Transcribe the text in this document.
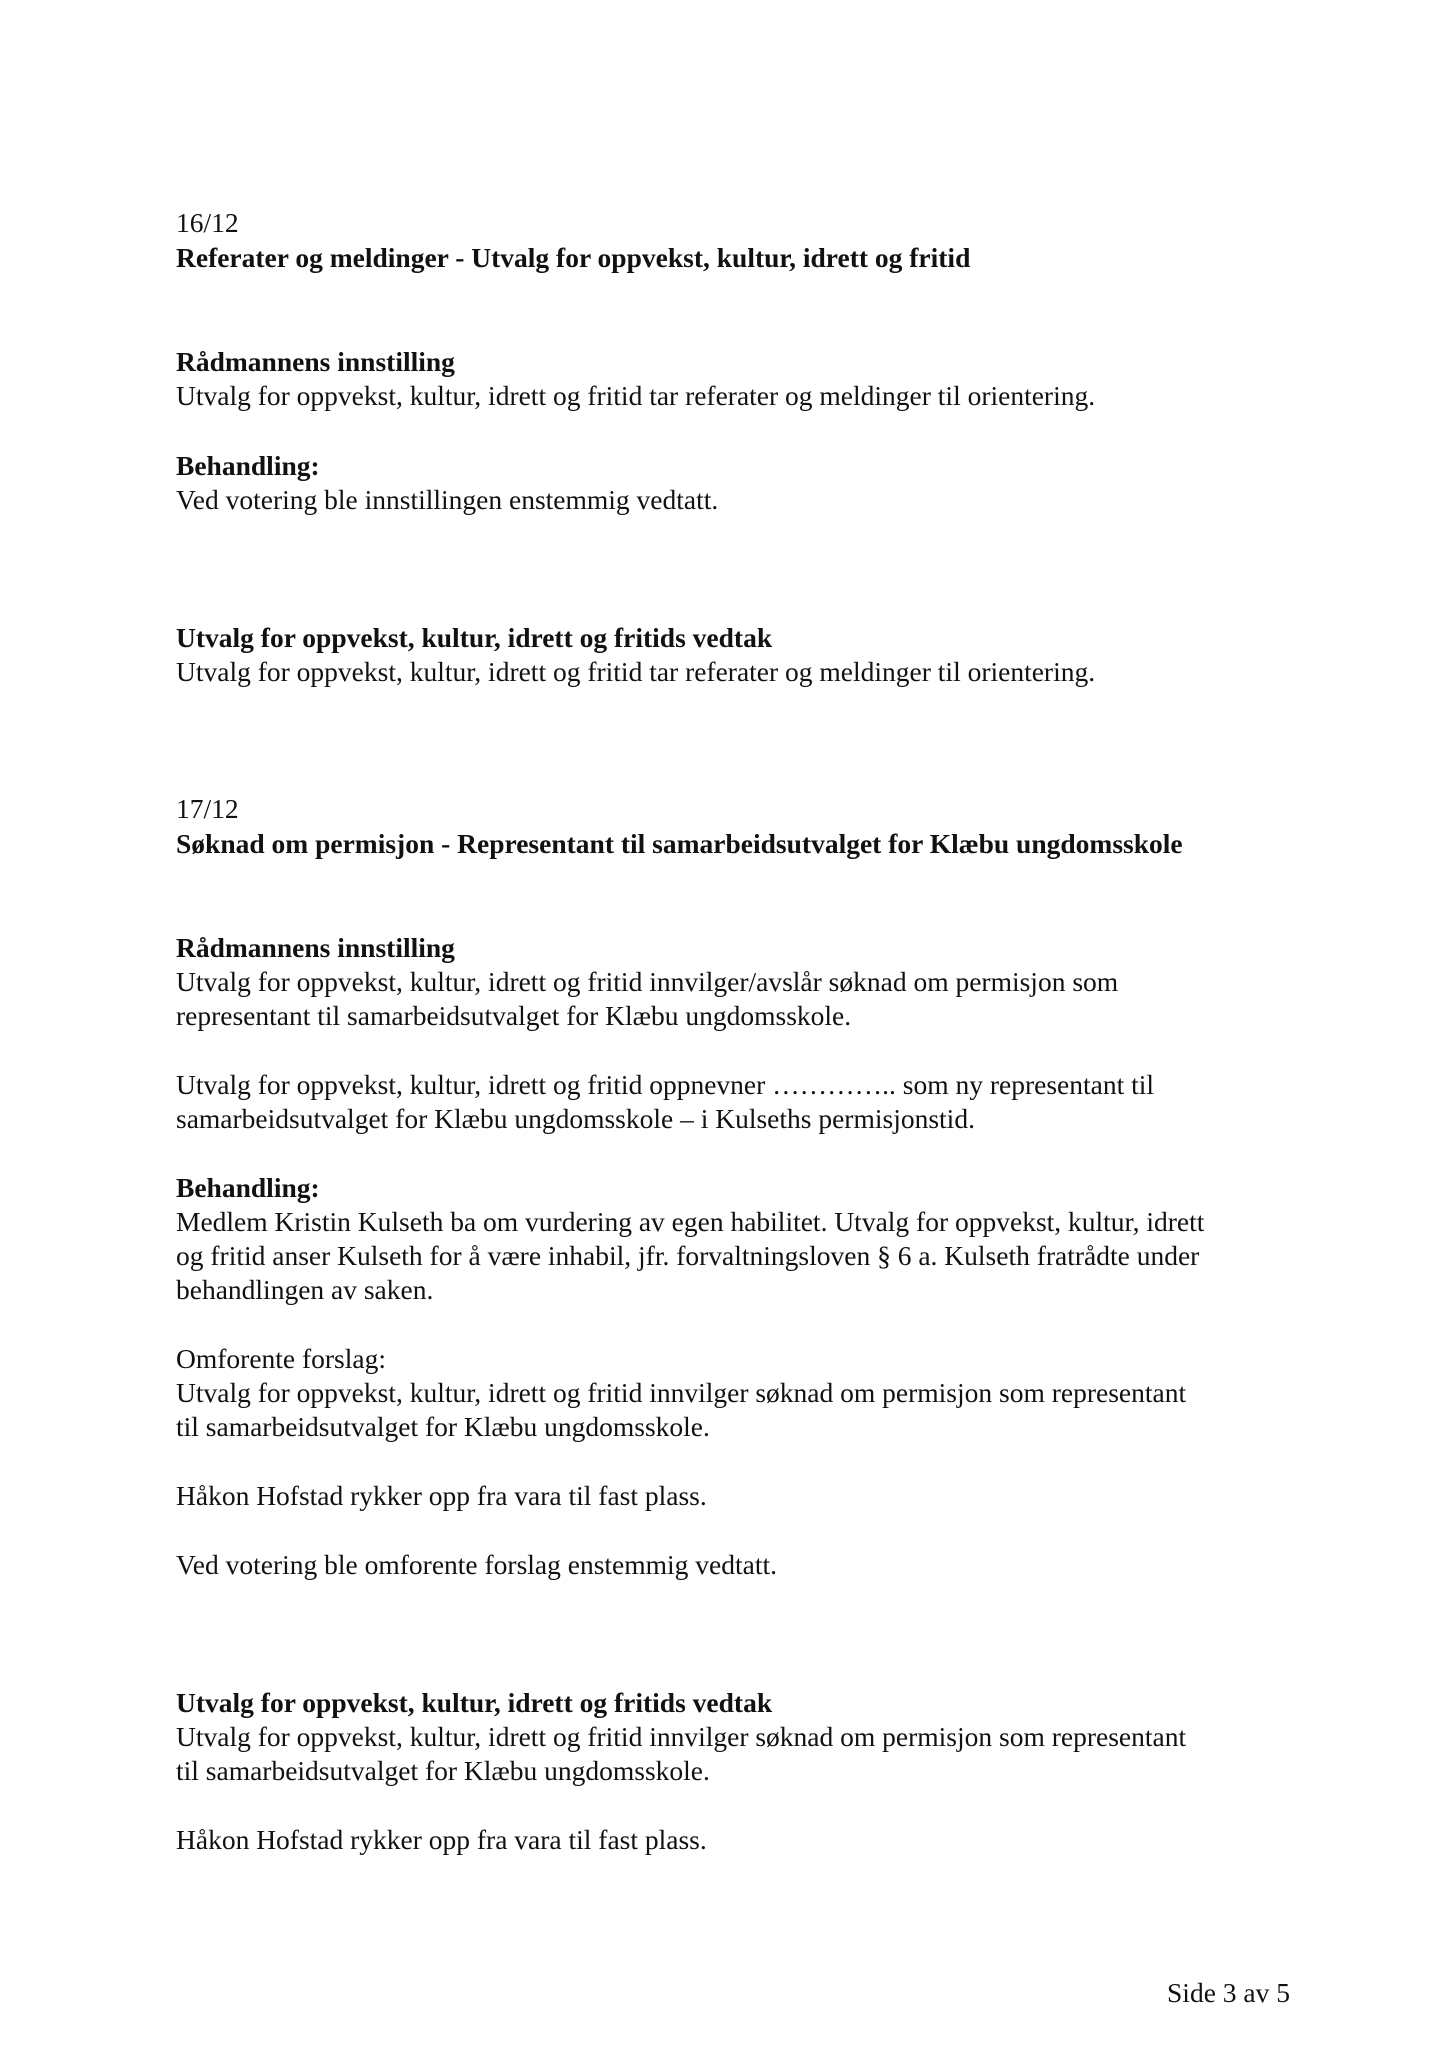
16/12

Referater og meldinger - Utvalg for oppvekst, kultur, idrett og fritid

Rådmannens innstilling

Utvalg for oppvekst, kultur, idrett og fritid tar referater og meldinger til orientering.

Behandling:

Ved votering ble innstillingen enstemmig vedtatt.

Utvalg for oppvekst, kultur, idrett og fritids vedtak

Utvalg for oppvekst, kultur, idrett og fritid tar referater og meldinger til orientering.

17/12

Søknad om permisjon - Representant til samarbeidsutvalget for Klæbu ungdomsskole

Rådmannens innstilling

Utvalg for oppvekst, kultur, idrett og fritid innvilger/avslår søknad om permisjon som

representant til samarbeidsutvalget for Klæbu ungdomsskole.

Utvalg for oppvekst, kultur, idrett og fritid oppnevner ………….. som ny representant til

samarbeidsutvalget for Klæbu ungdomsskole – i Kulseths permisjonstid.

Behandling:

Medlem Kristin Kulseth ba om vurdering av egen habilitet. Utvalg for oppvekst, kultur, idrett

og fritid anser Kulseth for å være inhabil, jfr. forvaltningsloven § 6 a. Kulseth fratrådte under

behandlingen av saken.

Omforente forslag:

Utvalg for oppvekst, kultur, idrett og fritid innvilger søknad om permisjon som representant

til samarbeidsutvalget for Klæbu ungdomsskole.

Håkon Hofstad rykker opp fra vara til fast plass.

Ved votering ble omforente forslag enstemmig vedtatt.

Utvalg for oppvekst, kultur, idrett og fritids vedtak

Utvalg for oppvekst, kultur, idrett og fritid innvilger søknad om permisjon som representant

til samarbeidsutvalget for Klæbu ungdomsskole.

Håkon Hofstad rykker opp fra vara til fast plass.

Side 3 av 5
